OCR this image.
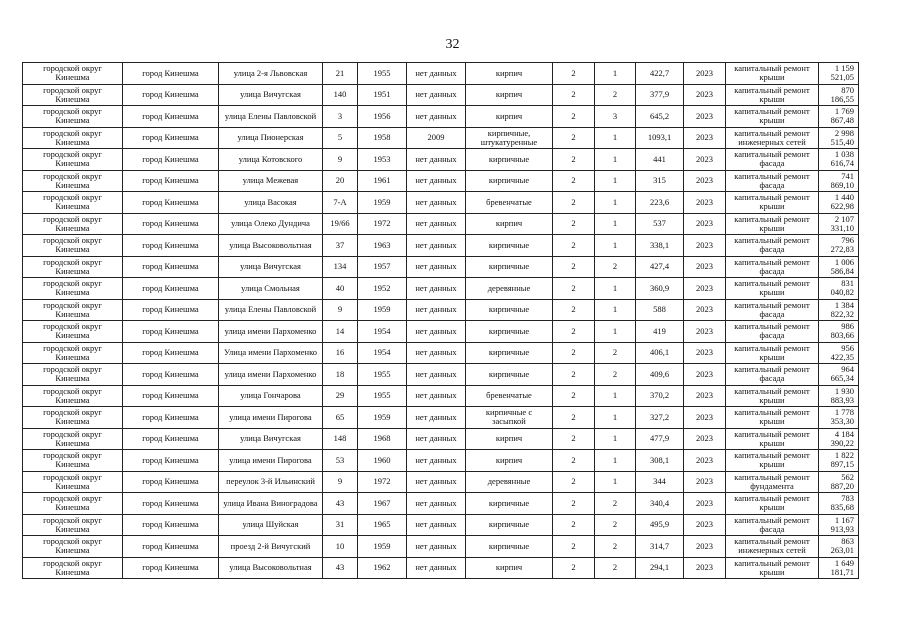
32
городской округ Кинешма	город Кинешма	улица 2-я Львовская	21	1955	нет данных	кирпич	2	1	422,7	2023	капитальный ремонт крыши	1 159 521,05
городской округ Кинешма	город Кинешма	улица Вичугская	140	1951	нет данных	кирпич	2	2	377,9	2023	капитальный ремонт крыши	870 186,55
городской округ Кинешма	город Кинешма	улица Елены Павловской	3	1956	нет данных	кирпич	2	3	645,2	2023	капитальный ремонт крыши	1 769 867,48
городской округ Кинешма	город Кинешма	улица Пионерская	5	1958	2009	кирпичные, штукатуренные	2	1	1093,1	2023	капитальный ремонт инженерных сетей	2 998 515,40
городской округ Кинешма	город Кинешма	улица Котовского	9	1953	нет данных	кирпичные	2	1	441	2023	капитальный ремонт фасада	1 038 616,74
городской округ Кинешма	город Кинешма	улица Межевая	20	1961	нет данных	кирпичные	2	1	315	2023	капитальный ремонт фасада	741 869,10
городской округ Кинешма	город Кинешма	улица Васокая	7-А	1959	нет данных	бревенчатые	2	1	223,6	2023	капитальный ремонт крыши	1 440 622,98
городской округ Кинешма	город Кинешма	улица Олеко Дундича	19/66	1972	нет данных	кирпич	2	1	537	2023	капитальный ремонт крыши	2 107 331,10
городской округ Кинешма	город Кинешма	улица Высоковольтная	37	1963	нет данных	кирпичные	2	1	338,1	2023	капитальный ремонт фасада	796 272,83
городской округ Кинешма	город Кинешма	улица Вичугская	134	1957	нет данных	кирпичные	2	2	427,4	2023	капитальный ремонт фасада	1 006 586,84
городской округ Кинешма	город Кинешма	улица Смольная	40	1952	нет данных	деревянные	2	1	360,9	2023	капитальный ремонт крыши	831 040,82
городской округ Кинешма	город Кинешма	улица Елены Павловской	9	1959	нет данных	кирпичные	2	1	588	2023	капитальный ремонт фасада	1 384 822,32
городской округ Кинешма	город Кинешма	улица имени Пархоменко	14	1954	нет данных	кирпичные	2	1	419	2023	капитальный ремонт фасада	986 803,66
городской округ Кинешма	город Кинешма	Улица имени Пархоменко	16	1954	нет данных	кирпичные	2	2	406,1	2023	капитальный ремонт крыши	956 422,35
городской округ Кинешма	город Кинешма	улица имени Пархоменко	18	1955	нет данных	кирпичные	2	2	409,6	2023	капитальный ремонт фасада	964 665,34
городской округ Кинешма	город Кинешма	улица Гончарова	29	1955	нет данных	бревенчатые	2	1	370,2	2023	капитальный ремонт крыши	1 930 883,93
городской округ Кинешма	город Кинешма	улица имени Пирогова	65	1959	нет данных	кирпичные с засыпкой	2	1	327,2	2023	капитальный ремонт крыши	1 778 353,30
городской округ Кинешма	город Кинешма	улица Вичугская	148	1968	нет данных	кирпич	2	1	477,9	2023	капитальный ремонт крыши	4 184 390,22
городской округ Кинешма	город Кинешма	улица имени Пирогова	53	1960	нет данных	кирпич	2	1	308,1	2023	капитальный ремонт крыши	1 822 897,15
городской округ Кинешма	город Кинешма	переулок 3-й Ильинский	9	1972	нет данных	деревянные	2	1	344	2023	капитальный ремонт фундамента	562 887,20
городской округ Кинешма	город Кинешма	улица Ивана Виноградова	43	1967	нет данных	кирпичные	2	2	340,4	2023	капитальный ремонт крыши	783 835,68
городской округ Кинешма	город Кинешма	улица Шуйская	31	1965	нет данных	кирпичные	2	2	495,9	2023	капитальный ремонт фасада	1 167 913,93
городской округ Кинешма	город Кинешма	проезд 2-й Вичугский	10	1959	нет данных	кирпичные	2	2	314,7	2023	капитальный ремонт инженерных сетей	863 263,01
городской округ Кинешма	город Кинешма	улица Высоковольтная	43	1962	нет данных	кирпич	2	2	294,1	2023	капитальный ремонт крыши	1 649 181,71
